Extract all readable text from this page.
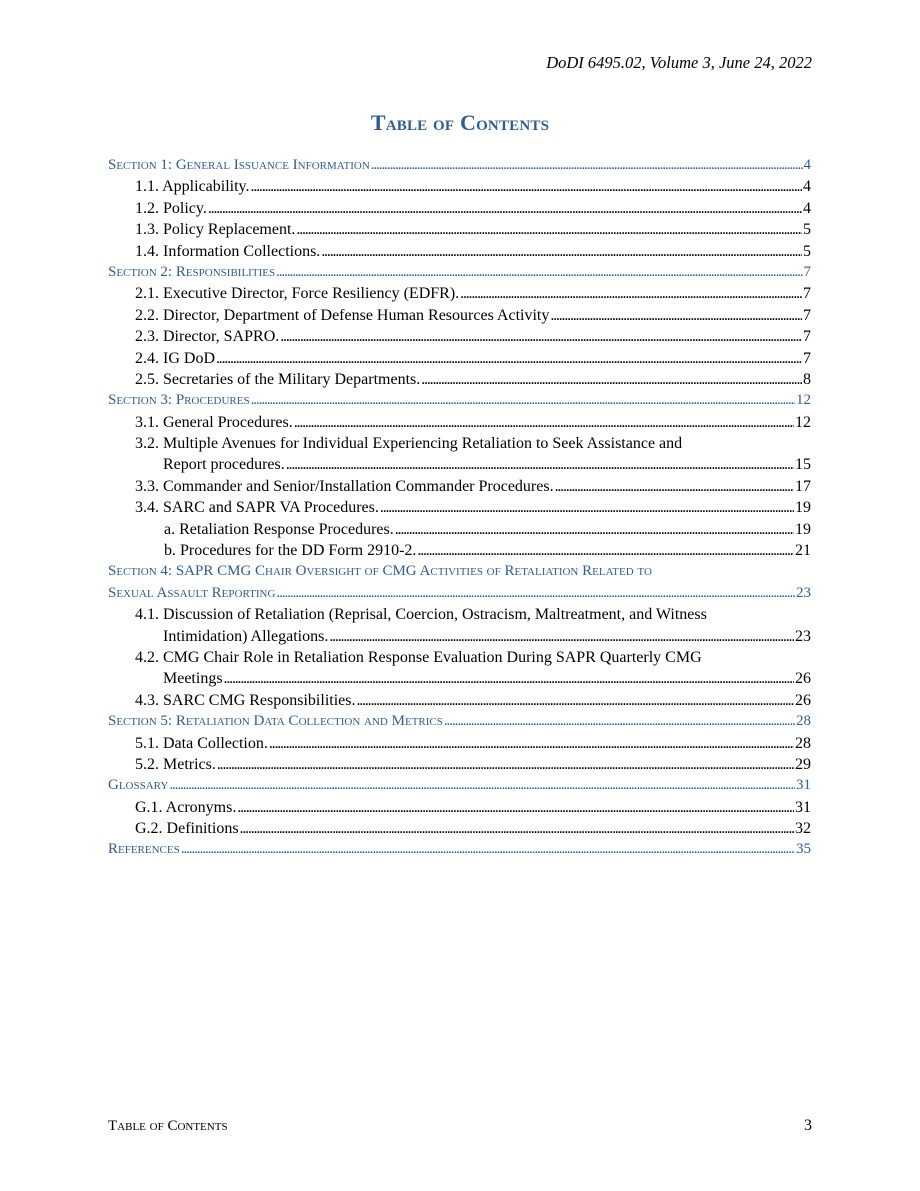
DoDI 6495.02, Volume 3, June 24, 2022
Table of Contents
Section 1: General Issuance Information . . .	4
1.1. Applicability. . . .	4
1.2. Policy. . . .	4
1.3. Policy Replacement. . . .	5
1.4. Information Collections. . . .	5
Section 2: Responsibilities . . .	7
2.1. Executive Director, Force Resiliency (EDFR). . . .	7
2.2. Director, Department of Defense Human Resources Activity . . .	7
2.3. Director, SAPRO. . . .	7
2.4. IG DoD . . .	7
2.5. Secretaries of the Military Departments. . . .	8
Section 3: Procedures . . .	12
3.1. General Procedures. . . .	12
3.2. Multiple Avenues for Individual Experiencing Retaliation to Seek Assistance and
Report procedures. . . .	15
3.3. Commander and Senior/Installation Commander Procedures. . . .	17
3.4. SARC and SAPR VA Procedures. . . .	19
a. Retaliation Response Procedures. . . .	19
b. Procedures for the DD Form 2910-2. . . .	21
Section 4: SAPR CMG Chair Oversight of CMG Activities of Retaliation Related to
Sexual Assault Reporting . . .	23
4.1. Discussion of Retaliation (Reprisal, Coercion, Ostracism, Maltreatment, and Witness
Intimidation) Allegations. . . .	23
4.2. CMG Chair Role in Retaliation Response Evaluation During SAPR Quarterly CMG
Meetings . . .	26
4.3. SARC CMG Responsibilities. . . .	26
Section 5: Retaliation Data Collection and Metrics . . .	28
5.1. Data Collection. . . .	28
5.2. Metrics. . . .	29
Glossary . . .	31
G.1. Acronyms. . . .	31
G.2. Definitions . . .	32
References . . .	35
Table of Contents	3
